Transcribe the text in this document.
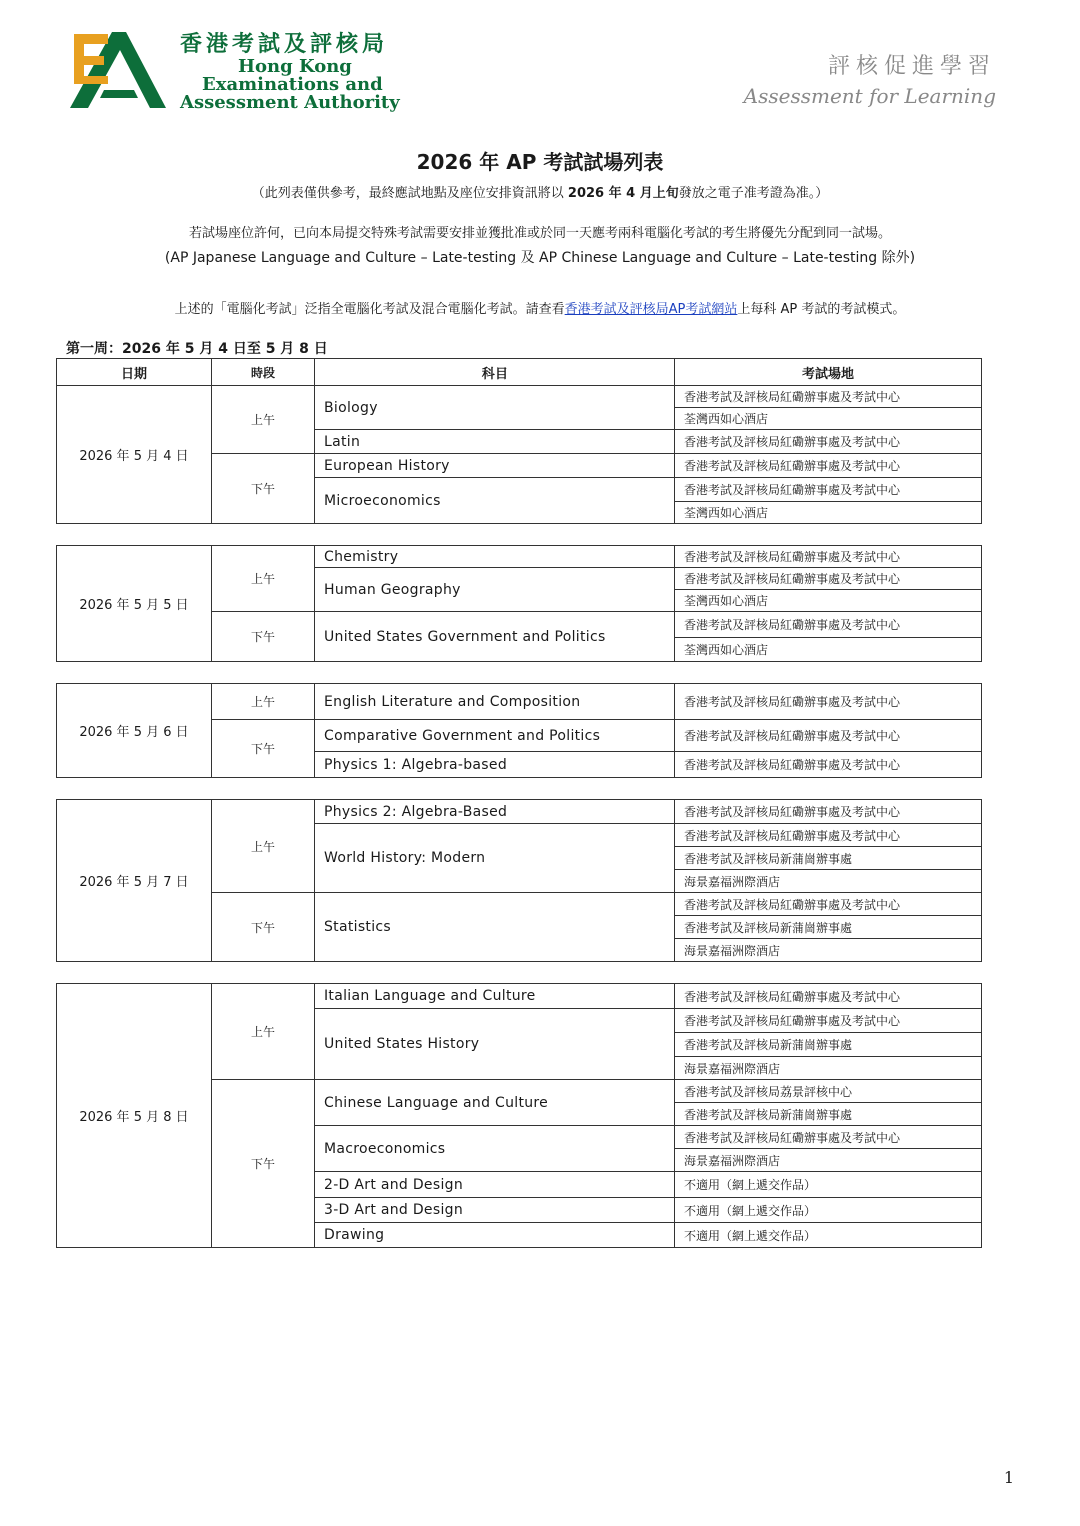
香港考試及評核局
Hong Kong
Examinations and
Assessment Authority
評核促進學習
Assessment for Learning
2026 年 AP 考試試場列表
（此列表僅供參考，最終應試地點及座位安排資訊將以 2026 年 4 月上旬發放之電子准考證為准。）
若試場座位許何，已向本局提交特殊考試需要安排並獲批准或於同一天應考兩科電腦化考試的考生將優先分配到同一試場。
(AP Japanese Language and Culture – Late-testing 及 AP Chinese Language and Culture – Late-testing 除外)
上述的「電腦化考試」泛指全電腦化考試及混合電腦化考試。請查看香港考試及評核局AP考試網站上每科 AP 考試的考試模式。
第一周：2026 年 5 月 4 日至 5 月 8 日
日期	時段	科目	考試場地
2026 年 5 月 4 日	上午	Biology	香港考試及評核局紅磡辦事處及考試中心
			荃灣西如心酒店
		Latin	香港考試及評核局紅磡辦事處及考試中心
	下午	European History	香港考試及評核局紅磡辦事處及考試中心
		Microeconomics	香港考試及評核局紅磡辦事處及考試中心
			荃灣西如心酒店

2026 年 5 月 5 日	上午	Chemistry	香港考試及評核局紅磡辦事處及考試中心
		Human Geography	香港考試及評核局紅磡辦事處及考試中心
			荃灣西如心酒店
	下午	United States Government and Politics	香港考試及評核局紅磡辦事處及考試中心
			荃灣西如心酒店

2026 年 5 月 6 日	上午	English Literature and Composition	香港考試及評核局紅磡辦事處及考試中心
	下午	Comparative Government and Politics	香港考試及評核局紅磡辦事處及考試中心
		Physics 1: Algebra-based	香港考試及評核局紅磡辦事處及考試中心

2026 年 5 月 7 日	上午	Physics 2: Algebra-Based	香港考試及評核局紅磡辦事處及考試中心
		World History: Modern	香港考試及評核局紅磡辦事處及考試中心
			香港考試及評核局新蒲崗辦事處
			海景嘉福洲際酒店
	下午	Statistics	香港考試及評核局紅磡辦事處及考試中心
			香港考試及評核局新蒲崗辦事處
			海景嘉福洲際酒店

2026 年 5 月 8 日	上午	Italian Language and Culture	香港考試及評核局紅磡辦事處及考試中心
		United States History	香港考試及評核局紅磡辦事處及考試中心
			香港考試及評核局新蒲崗辦事處
			海景嘉福洲際酒店
	下午	Chinese Language and Culture	香港考試及評核局荔景評核中心
			香港考試及評核局新蒲崗辦事處
		Macroeconomics	香港考試及評核局紅磡辦事處及考試中心
			海景嘉福洲際酒店
		2-D Art and Design	不適用（網上遞交作品）
		3-D Art and Design	不適用（網上遞交作品）
		Drawing	不適用（網上遞交作品）
1
